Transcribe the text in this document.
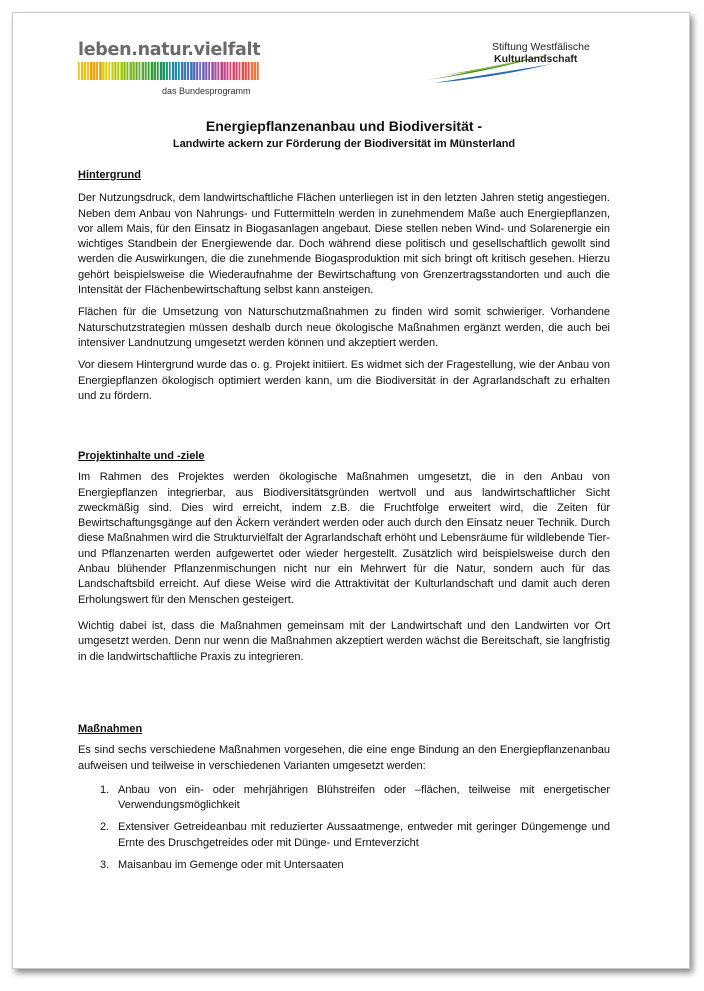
leben.natur.vielfalt
das Bundesprogramm
Stiftung Westfälische
Kulturlandschaft
Energiepflanzenanbau und Biodiversität -
Landwirte ackern zur Förderung der Biodiversität im Münsterland
Hintergrund

Der Nutzungsdruck, dem landwirtschaftliche Flächen unterliegen ist in den letzten Jahren stetig angestiegen. Neben dem Anbau von Nahrungs- und Futtermitteln werden in zunehmendem Maße auch Energiepflanzen, vor allem Mais, für den Einsatz in Biogasanlagen angebaut. Diese stellen neben Wind- und Solarenergie ein wichtiges Standbein der Energiewende dar. Doch während diese politisch und gesellschaftlich gewollt sind werden die Auswirkungen, die die zunehmende Biogasproduktion mit sich bringt oft kritisch gesehen. Hierzu gehört beispielsweise die Wiederaufnahme der Bewirtschaftung von Grenzertragsstandorten und auch die Intensität der Flächenbewirtschaftung selbst kann ansteigen.

Flächen für die Umsetzung von Naturschutzmaßnahmen zu finden wird somit schwieriger. Vorhandene Naturschutzstrategien müssen deshalb durch neue ökologische Maßnahmen ergänzt werden, die auch bei intensiver Landnutzung umgesetzt werden können und akzeptiert werden.

Vor diesem Hintergrund wurde das o. g. Projekt initiiert. Es widmet sich der Fragestellung, wie der Anbau von Energiepflanzen ökologisch optimiert werden kann, um die Biodiversität in der Agrarlandschaft zu erhalten und zu fördern.

Projektinhalte und -ziele

Im Rahmen des Projektes werden ökologische Maßnahmen umgesetzt, die in den Anbau von Energiepflanzen integrierbar, aus Biodiversitätsgründen wertvoll und aus landwirtschaftlicher Sicht zweckmäßig sind. Dies wird erreicht, indem z.B. die Fruchtfolge erweitert wird, die Zeiten für Bewirtschaftungsgänge auf den Äckern verändert werden oder auch durch den Einsatz neuer Technik. Durch diese Maßnahmen wird die Strukturvielfalt der Agrarlandschaft erhöht und Lebensräume für wildlebende Tier- und Pflanzenarten werden aufgewertet oder wieder hergestellt. Zusätzlich wird beispielsweise durch den Anbau blühender Pflanzenmischungen nicht nur ein Mehrwert für die Natur, sondern auch für das Landschaftsbild erreicht. Auf diese Weise wird die Attraktivität der Kulturlandschaft und damit auch deren Erholungswert für den Menschen gesteigert.

Wichtig dabei ist, dass die Maßnahmen gemeinsam mit der Landwirtschaft und den Landwirten vor Ort umgesetzt werden. Denn nur wenn die Maßnahmen akzeptiert werden wächst die Bereitschaft, sie langfristig in die landwirtschaftliche Praxis zu integrieren.

Maßnahmen

Es sind sechs verschiedene Maßnahmen vorgesehen, die eine enge Bindung an den Energiepflanzenanbau aufweisen und teilweise in verschiedenen Varianten umgesetzt werden:

1. Anbau von ein- oder mehrjährigen Blühstreifen oder –flächen, teilweise mit energetischer Verwendungsmöglichkeit
2. Extensiver Getreideanbau mit reduzierter Aussaatmenge, entweder mit geringer Düngemenge und Ernte des Druschgetreides oder mit Dünge- und Ernteverzicht
3. Maisanbau im Gemenge oder mit Untersaaten
